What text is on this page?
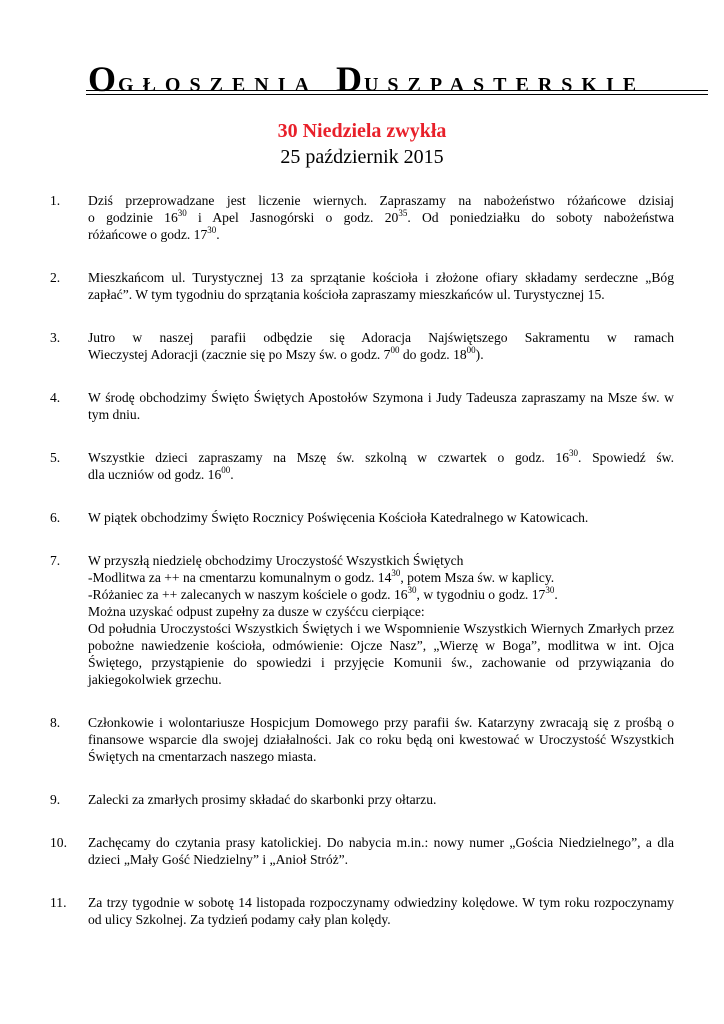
OGŁOSZENIA DUSZPASTERSKIE
30 Niedziela zwykła
25 październik 2015
1.	Dziś przeprowadzane jest liczenie wiernych. Zapraszamy na nabożeństwo różańcowe dzisiaj
o godzinie $16^{30}$ i Apel Jasnogórski o godz. $20^{35}$. Od poniedziałku do soboty nabożeństwa
różańcowe o godz. $17^{30}$.
2.	Mieszkańcom ul. Turystycznej 13 za sprzątanie kościoła i złożone ofiary składamy serdeczne „Bóg zapłać”. W tym tygodniu do sprzątania kościoła zapraszamy mieszkańców ul. Turystycznej 15.
3.	Jutro w naszej parafii odbędzie się Adoracja Najświętszego Sakramentu w ramach
Wieczystej Adoracji (zacznie się po Mszy św. o godz. $7^{00}$ do godz. $18^{00}$).
4.	W środę obchodzimy Święto Świętych Apostołów Szymona i Judy Tadeusza zapraszamy na Msze św. w tym dniu.
5.	Wszystkie dzieci zapraszamy na Mszę św. szkolną w czwartek o godz. $16^{30}$. Spowiedź św.
dla uczniów od godz. $16^{00}$.
6.	W piątek obchodzimy Święto Rocznicy Poświęcenia Kościoła Katedralnego w Katowicach.
7.	W przyszłą niedzielę obchodzimy Uroczystość Wszystkich Świętych
-Modlitwa za ++ na cmentarzu komunalnym o godz. $14^{30}$, potem Msza św. w kaplicy.
-Różaniec za ++ zalecanych w naszym kościele o godz. $16^{30}$, w tygodniu o godz. $17^{30}$.
Można uzyskać odpust zupełny za dusze w czyśćcu cierpiące:
Od południa Uroczystości Wszystkich Świętych i we Wspomnienie Wszystkich Wiernych Zmarłych przez pobożne nawiedzenie kościoła, odmówienie: Ojcze Nasz”, „Wierzę w Boga”, modlitwa w int. Ojca Świętego, przystąpienie do spowiedzi i przyjęcie Komunii św., zachowanie od przywiązania do jakiegokolwiek grzechu.
8.	Członkowie i wolontariusze Hospicjum Domowego przy parafii św. Katarzyny zwracają się z prośbą o finansowe wsparcie dla swojej działalności. Jak co roku będą oni kwestować w Uroczystość Wszystkich Świętych na cmentarzach naszego miasta.
9.	Zalecki za zmarłych prosimy składać do skarbonki przy ołtarzu.
10.	Zachęcamy do czytania prasy katolickiej. Do nabycia m.in.: nowy numer „Gościa Niedzielnego”, a dla dzieci „Mały Gość Niedzielny” i „Anioł Stróż”.
11.	Za trzy tygodnie w sobotę 14 listopada rozpoczynamy odwiedziny kolędowe. W tym roku rozpoczynamy od ulicy Szkolnej. Za tydzień podamy cały plan kolędy.
